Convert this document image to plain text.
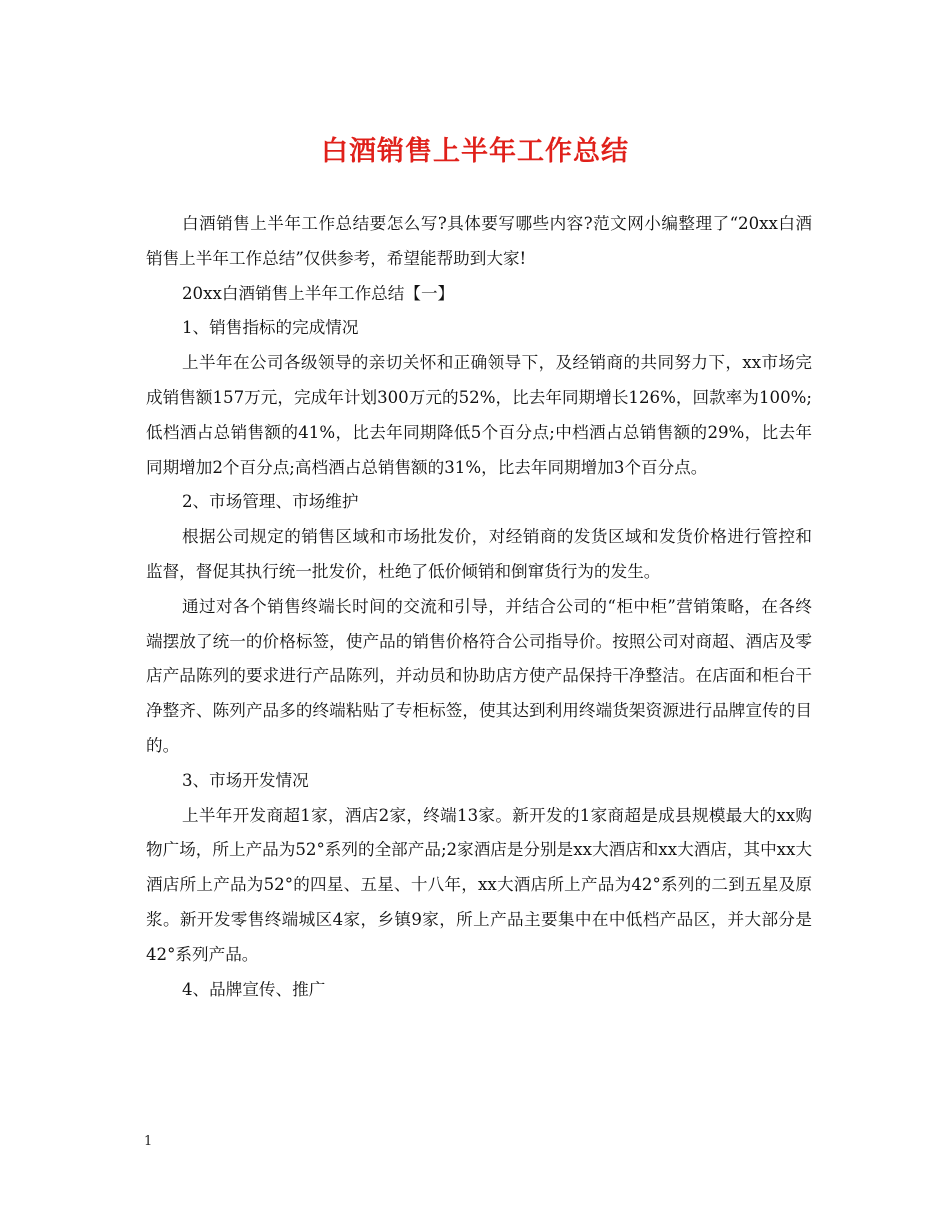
白酒销售上半年工作总结

白酒销售上半年工作总结要怎么写?具体要写哪些内容?范文网小编整理了“20xx白酒销售上半年工作总结”仅供参考，希望能帮助到大家!

20xx白酒销售上半年工作总结【一】

1、销售指标的完成情况

上半年在公司各级领导的亲切关怀和正确领导下，及经销商的共同努力下，xx市场完成销售额157万元，完成年计划300万元的52%，比去年同期增长126%，回款率为100%;低档酒占总销售额的41%，比去年同期降低5个百分点;中档酒占总销售额的29%，比去年同期增加2个百分点;高档酒占总销售额的31%，比去年同期增加3个百分点。

2、市场管理、市场维护

根据公司规定的销售区域和市场批发价，对经销商的发货区域和发货价格进行管控和监督，督促其执行统一批发价，杜绝了低价倾销和倒窜货行为的发生。

通过对各个销售终端长时间的交流和引导，并结合公司的“柜中柜”营销策略，在各终端摆放了统一的价格标签，使产品的销售价格符合公司指导价。按照公司对商超、酒店及零店产品陈列的要求进行产品陈列，并动员和协助店方使产品保持干净整洁。在店面和柜台干净整齐、陈列产品多的终端粘贴了专柜标签，使其达到利用终端货架资源进行品牌宣传的目的。

3、市场开发情况

上半年开发商超1家，酒店2家，终端13家。新开发的1家商超是成县规模最大的xx购物广场，所上产品为52°系列的全部产品;2家酒店是分别是xx大酒店和xx大酒店，其中xx大酒店所上产品为52°的四星、五星、十八年，xx大酒店所上产品为42°系列的二到五星及原浆。新开发零售终端城区4家，乡镇9家，所上产品主要集中在中低档产品区，并大部分是42°系列产品。

4、品牌宣传、推广

1
